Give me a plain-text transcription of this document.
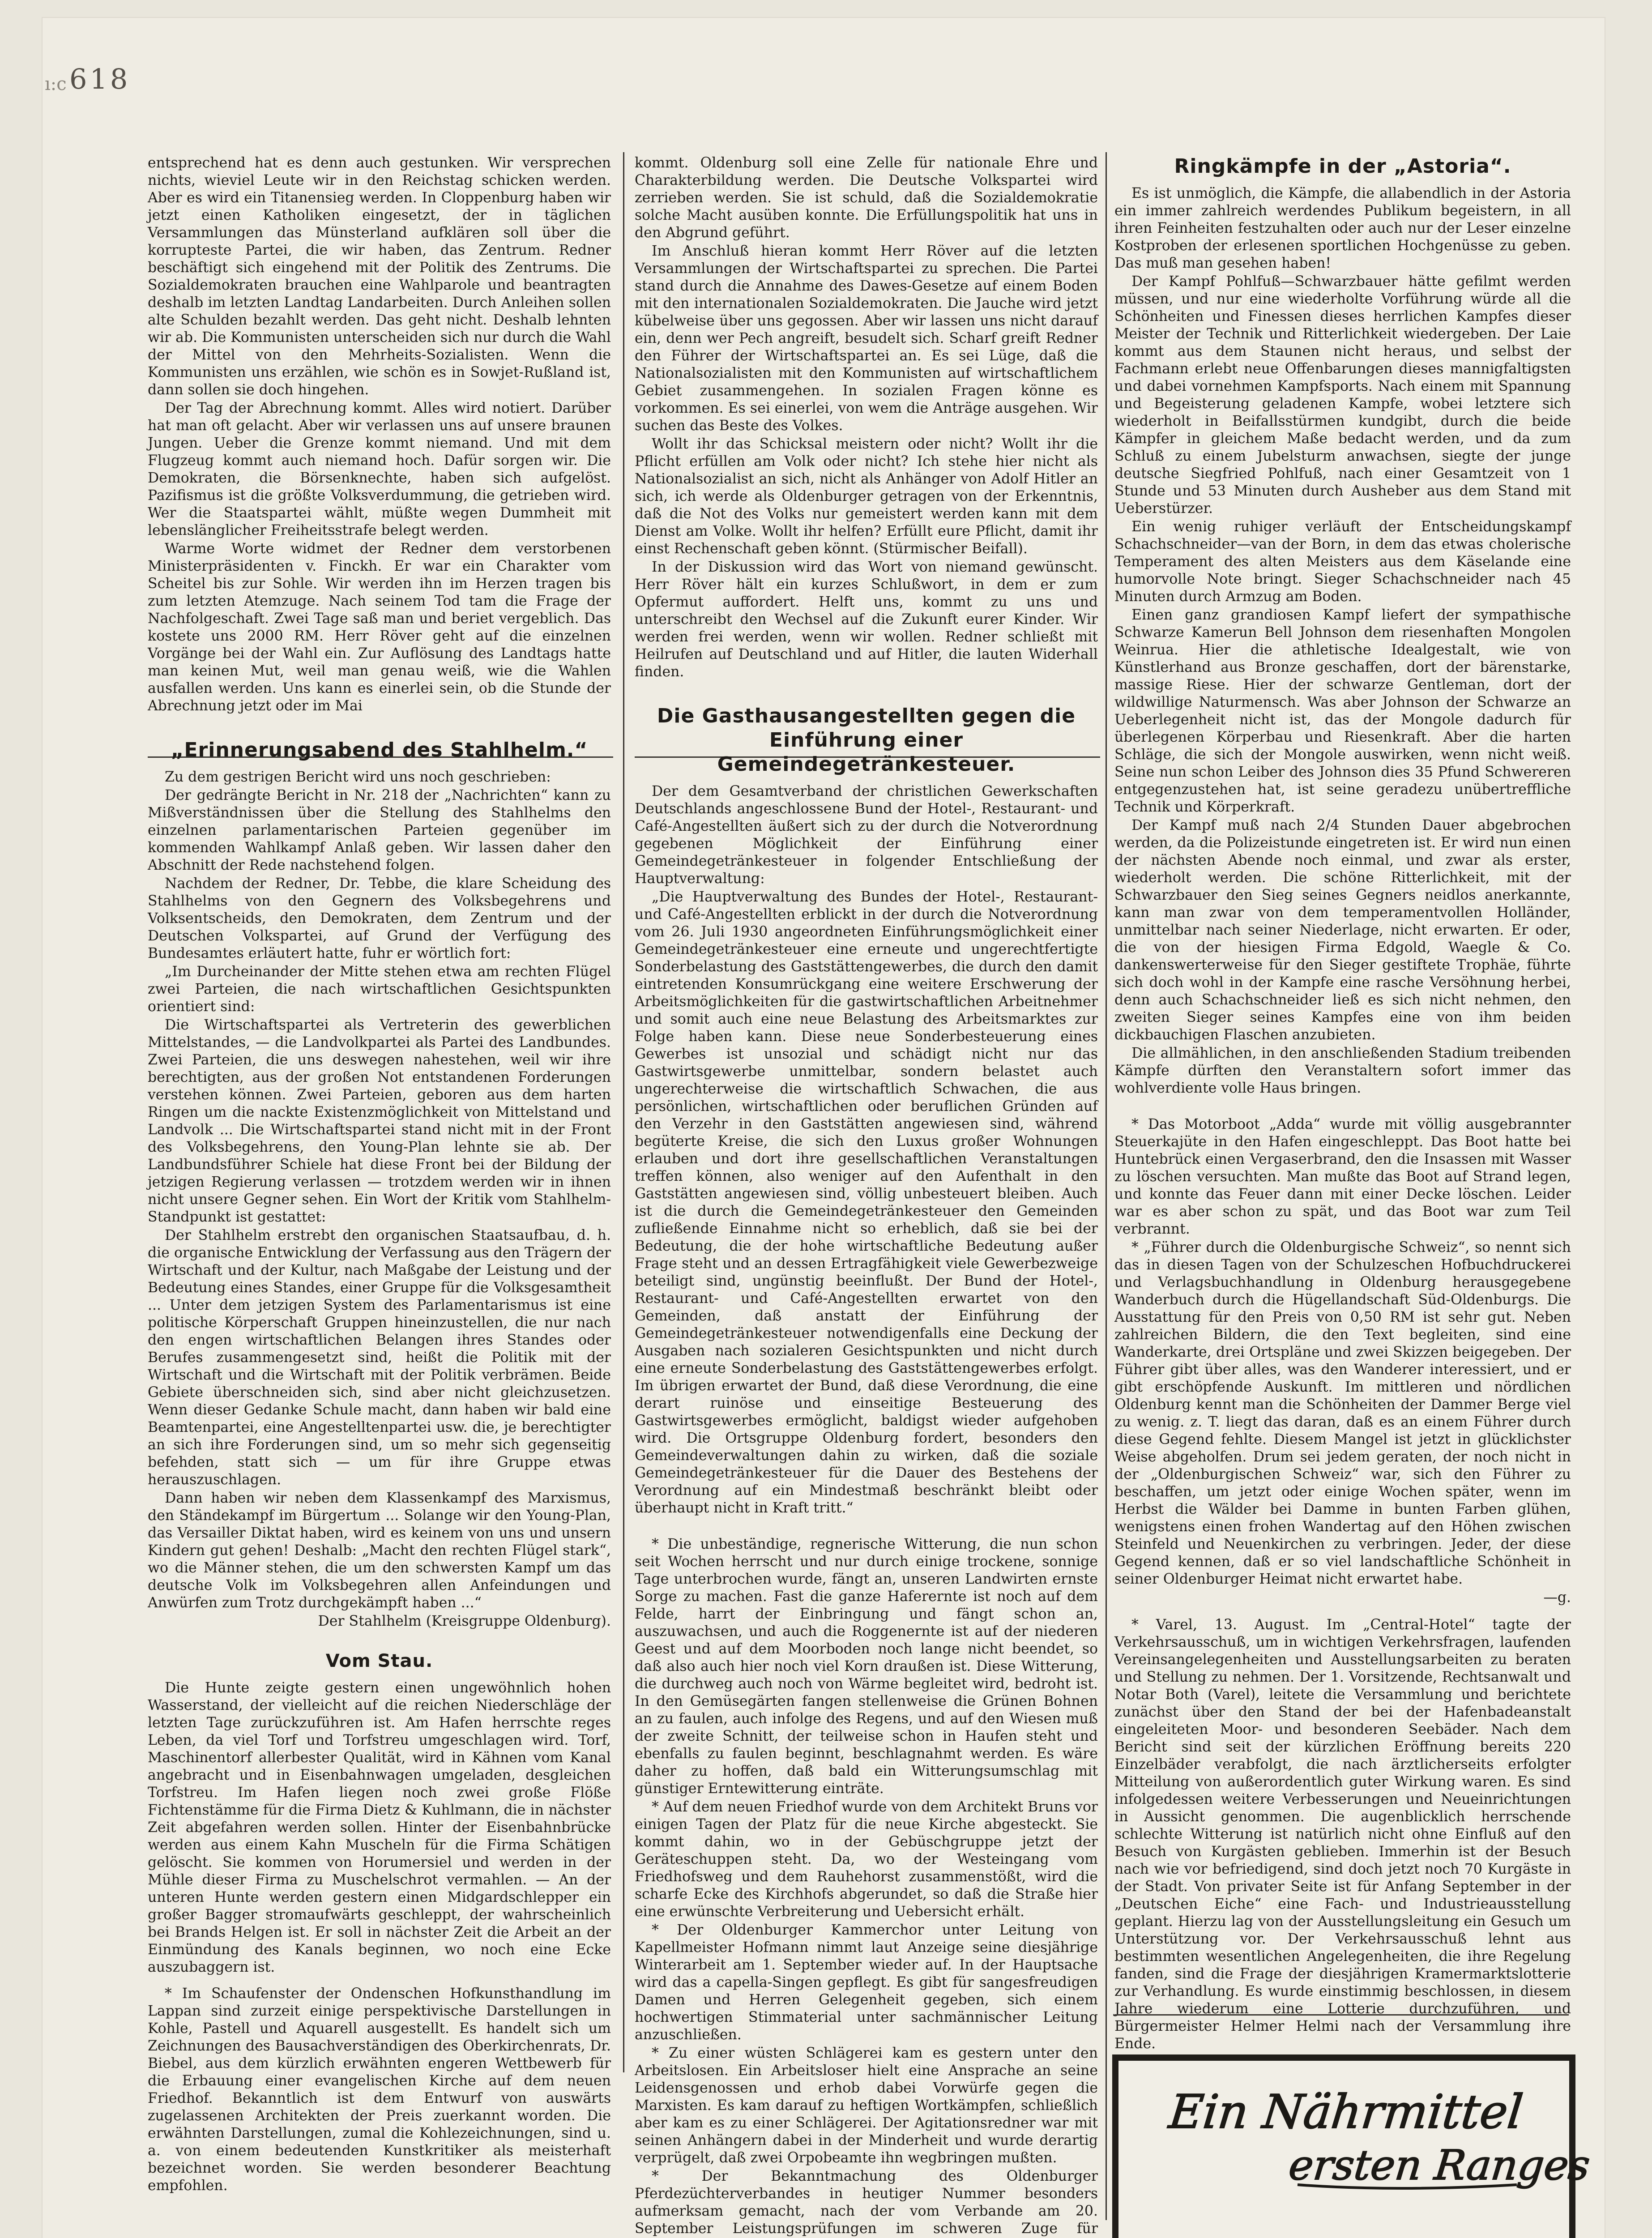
ı:c 618

entsprechend hat es denn auch gestunken. Wir versprechen nichts, wieviel Leute wir in den Reichstag schicken werden. Aber es wird ein Titanensieg werden. In Cloppenburg haben wir jetzt einen Katholiken eingesetzt, der in täglichen Versammlungen das Münsterland aufklären soll über die korrupteste Partei, die wir haben, das Zentrum. Redner beschäftigt sich eingehend mit der Politik des Zentrums. Die Sozialdemokraten brauchen eine Wahlparole und beantragten deshalb im letzten Landtag Landarbeiten. Durch Anleihen sollen alte Schulden bezahlt werden. Das geht nicht. Deshalb lehnten wir ab. Die Kommunisten unterscheiden sich nur durch die Wahl der Mittel von den Mehrheits-Sozialisten. Wenn die Kommunisten uns erzählen, wie schön es in Sowjet-Rußland ist, dann sollen sie doch hingehen.

Der Tag der Abrechnung kommt. Alles wird notiert. Darüber hat man oft gelacht. Aber wir verlassen uns auf unsere braunen Jungen. Ueber die Grenze kommt niemand. Und mit dem Flugzeug kommt auch niemand hoch. Dafür sorgen wir. Die Demokraten, die Börsenknechte, haben sich aufgelöst. Pazifismus ist die größte Volksverdummung, die getrieben wird. Wer die Staatspartei wählt, müßte wegen Dummheit mit lebenslänglicher Freiheitsstrafe belegt werden.

Warme Worte widmet der Redner dem verstorbenen Ministerpräsidenten v. Finckh. Er war ein Charakter vom Scheitel bis zur Sohle. Wir werden ihn im Herzen tragen bis zum letzten Atemzuge. Nach seinem Tod tam die Frage der Nachfolgeschaft. Zwei Tage saß man und beriet vergeblich. Das kostete uns 2000 RM. Herr Röver geht auf die einzelnen Vorgänge bei der Wahl ein. Zur Auflösung des Landtags hatte man keinen Mut, weil man genau weiß, wie die Wahlen ausfallen werden. Uns kann es einerlei sein, ob die Stunde der Abrechnung jetzt oder im Mai

„Erinnerungsabend des Stahlhelm.“

Zu dem gestrigen Bericht wird uns noch geschrieben:

Der gedrängte Bericht in Nr. 218 der „Nachrichten“ kann zu Mißverständnissen über die Stellung des Stahlhelms den einzelnen parlamentarischen Parteien gegenüber im kommenden Wahlkampf Anlaß geben. Wir lassen daher den Abschnitt der Rede nachstehend folgen.

Nachdem der Redner, Dr. Tebbe, die klare Scheidung des Stahlhelms von den Gegnern des Volksbegehrens und Volksentscheids, den Demokraten, dem Zentrum und der Deutschen Volkspartei, auf Grund der Verfügung des Bundesamtes erläutert hatte, fuhr er wörtlich fort:

„Im Durcheinander der Mitte stehen etwa am rechten Flügel zwei Parteien, die nach wirtschaftlichen Gesichtspunkten orientiert sind:

Die Wirtschaftspartei als Vertreterin des gewerblichen Mittelstandes, — die Landvolkpartei als Partei des Landbundes. Zwei Parteien, die uns deswegen nahestehen, weil wir ihre berechtigten, aus der großen Not entstandenen Forderungen verstehen können. Zwei Parteien, geboren aus dem harten Ringen um die nackte Existenzmöglichkeit von Mittelstand und Landvolk ... Die Wirtschaftspartei stand nicht mit in der Front des Volksbegehrens, den Young-Plan lehnte sie ab. Der Landbundsführer Schiele hat diese Front bei der Bildung der jetzigen Regierung verlassen — trotzdem werden wir in ihnen nicht unsere Gegner sehen. Ein Wort der Kritik vom Stahlhelm-Standpunkt ist gestattet:

Der Stahlhelm erstrebt den organischen Staatsaufbau, d. h. die organische Entwicklung der Verfassung aus den Trägern der Wirtschaft und der Kultur, nach Maßgabe der Leistung und der Bedeutung eines Standes, einer Gruppe für die Volksgesamtheit ... Unter dem jetzigen System des Parlamentarismus ist eine politische Körperschaft Gruppen hineinzustellen, die nur nach den engen wirtschaftlichen Belangen ihres Standes oder Berufes zusammengesetzt sind, heißt die Politik mit der Wirtschaft und die Wirtschaft mit der Politik verbrämen. Beide Gebiete überschneiden sich, sind aber nicht gleichzusetzen. Wenn dieser Gedanke Schule macht, dann haben wir bald eine Beamtenpartei, eine Angestelltenpartei usw. die, je berechtigter an sich ihre Forderungen sind, um so mehr sich gegenseitig befehden, statt sich — um für ihre Gruppe etwas herauszuschlagen.

Dann haben wir neben dem Klassenkampf des Marxismus, den Ständekampf im Bürgertum ... Solange wir den Young-Plan, das Versailler Diktat haben, wird es keinem von uns und unsern Kindern gut gehen! Deshalb: „Macht den rechten Flügel stark“, wo die Männer stehen, die um den schwersten Kampf um das deutsche Volk im Volksbegehren allen Anfeindungen und Anwürfen zum Trotz durchgekämpft haben ...“

Der Stahlhelm (Kreisgruppe Oldenburg).

Vom Stau.

Die Hunte zeigte gestern einen ungewöhnlich hohen Wasserstand, der vielleicht auf die reichen Niederschläge der letzten Tage zurückzuführen ist. Am Hafen herrschte reges Leben, da viel Torf und Torfstreu umgeschlagen wird. Torf, Maschinentorf allerbester Qualität, wird in Kähnen vom Kanal angebracht und in Eisenbahnwagen umgeladen, desgleichen Torfstreu. Im Hafen liegen noch zwei große Flöße Fichtenstämme für die Firma Dietz & Kuhlmann, die in nächster Zeit abgefahren werden sollen. Hinter der Eisenbahnbrücke werden aus einem Kahn Muscheln für die Firma Schätigen gelöscht. Sie kommen von Horumersiel und werden in der Mühle dieser Firma zu Muschelschrot vermahlen. — An der unteren Hunte werden gestern einen Midgardschlepper ein großer Bagger stromaufwärts geschleppt, der wahrscheinlich bei Brands Helgen ist. Er soll in nächster Zeit die Arbeit an der Einmündung des Kanals beginnen, wo noch eine Ecke auszubaggern ist.

* Im Schaufenster der Ondenschen Hofkunsthandlung im Lappan sind zurzeit einige perspektivische Darstellungen in Kohle, Pastell und Aquarell ausgestellt. Es handelt sich um Zeichnungen des Bausachverständigen des Oberkirchenrats, Dr. Biebel, aus dem kürzlich erwähnten engeren Wettbewerb für die Erbauung einer evangelischen Kirche auf dem neuen Friedhof. Bekanntlich ist dem Entwurf von auswärts zugelassenen Architekten der Preis zuerkannt worden. Die erwähnten Darstellungen, zumal die Kohlezeichnungen, sind u. a. von einem bedeutenden Kunstkritiker als meisterhaft bezeichnet worden. Sie werden besonderer Beachtung empfohlen.

kommt. Oldenburg soll eine Zelle für nationale Ehre und Charakterbildung werden. Die Deutsche Volkspartei wird zerrieben werden. Sie ist schuld, daß die Sozialdemokratie solche Macht ausüben konnte. Die Erfüllungspolitik hat uns in den Abgrund geführt.

Im Anschluß hieran kommt Herr Röver auf die letzten Versammlungen der Wirtschaftspartei zu sprechen. Die Partei stand durch die Annahme des Dawes-Gesetze auf einem Boden mit den internationalen Sozialdemokraten. Die Jauche wird jetzt kübelweise über uns gegossen. Aber wir lassen uns nicht darauf ein, denn wer Pech angreift, besudelt sich. Scharf greift Redner den Führer der Wirtschaftspartei an. Es sei Lüge, daß die Nationalsozialisten mit den Kommunisten auf wirtschaftlichem Gebiet zusammengehen. In sozialen Fragen könne es vorkommen. Es sei einerlei, von wem die Anträge ausgehen. Wir suchen das Beste des Volkes.

Wollt ihr das Schicksal meistern oder nicht? Wollt ihr die Pflicht erfüllen am Volk oder nicht? Ich stehe hier nicht als Nationalsozialist an sich, nicht als Anhänger von Adolf Hitler an sich, ich werde als Oldenburger getragen von der Erkenntnis, daß die Not des Volks nur gemeistert werden kann mit dem Dienst am Volke. Wollt ihr helfen? Erfüllt eure Pflicht, damit ihr einst Rechenschaft geben könnt. (Stürmischer Beifall).

In der Diskussion wird das Wort von niemand gewünscht. Herr Röver hält ein kurzes Schlußwort, in dem er zum Opfermut auffordert. Helft uns, kommt zu uns und unterschreibt den Wechsel auf die Zukunft eurer Kinder. Wir werden frei werden, wenn wir wollen. Redner schließt mit Heilrufen auf Deutschland und auf Hitler, die lauten Widerhall finden.

Die Gasthausangestellten gegen die Einführung einer Gemeindegetränkesteuer.

Der dem Gesamtverband der christlichen Gewerkschaften Deutschlands angeschlossene Bund der Hotel-, Restaurant- und Café-Angestellten äußert sich zu der durch die Notverordnung gegebenen Möglichkeit der Einführung einer Gemeindegetränkesteuer in folgender Entschließung der Hauptverwaltung:

„Die Hauptverwaltung des Bundes der Hotel-, Restaurant- und Café-Angestellten erblickt in der durch die Notverordnung vom 26. Juli 1930 angeordneten Einführungsmöglichkeit einer Gemeindegetränkesteuer eine erneute und ungerechtfertigte Sonderbelastung des Gaststättengewerbes, die durch den damit eintretenden Konsumrückgang eine weitere Erschwerung der Arbeitsmöglichkeiten für die gastwirtschaftlichen Arbeitnehmer und somit auch eine neue Belastung des Arbeitsmarktes zur Folge haben kann. Diese neue Sonderbesteuerung eines Gewerbes ist unsozial und schädigt nicht nur das Gastwirtsgewerbe unmittelbar, sondern belastet auch ungerechterweise die wirtschaftlich Schwachen, die aus persönlichen, wirtschaftlichen oder beruflichen Gründen auf den Verzehr in den Gaststätten angewiesen sind, während begüterte Kreise, die sich den Luxus großer Wohnungen erlauben und dort ihre gesellschaftlichen Veranstaltungen treffen können, also weniger auf den Aufenthalt in den Gaststätten angewiesen sind, völlig unbesteuert bleiben. Auch ist die durch die Gemeindegetränkesteuer den Gemeinden zufließende Einnahme nicht so erheblich, daß sie bei der Bedeutung, die der hohe wirtschaftliche Bedeutung außer Frage steht und an dessen Ertragfähigkeit viele Gewerbezweige beteiligt sind, ungünstig beeinflußt. Der Bund der Hotel-, Restaurant- und Café-Angestellten erwartet von den Gemeinden, daß anstatt der Einführung der Gemeindegetränkesteuer notwendigenfalls eine Deckung der Ausgaben nach sozialeren Gesichtspunkten und nicht durch eine erneute Sonderbelastung des Gaststättengewerbes erfolgt. Im übrigen erwartet der Bund, daß diese Verordnung, die eine derart ruinöse und einseitige Besteuerung des Gastwirtsgewerbes ermöglicht, baldigst wieder aufgehoben wird. Die Ortsgruppe Oldenburg fordert, besonders den Gemeindeverwaltungen dahin zu wirken, daß die soziale Gemeindegetränkesteuer für die Dauer des Bestehens der Verordnung auf ein Mindestmaß beschränkt bleibt oder überhaupt nicht in Kraft tritt.“

* Die unbeständige, regnerische Witterung, die nun schon seit Wochen herrscht und nur durch einige trockene, sonnige Tage unterbrochen wurde, fängt an, unseren Landwirten ernste Sorge zu machen. Fast die ganze Haferernte ist noch auf dem Felde, harrt der Einbringung und fängt schon an, auszuwachsen, und auch die Roggenernte ist auf der niederen Geest und auf dem Moorboden noch lange nicht beendet, so daß also auch hier noch viel Korn draußen ist. Diese Witterung, die durchweg auch noch von Wärme begleitet wird, bedroht ist. In den Gemüsegärten fangen stellenweise die Grünen Bohnen an zu faulen, auch infolge des Regens, und auf den Wiesen muß der zweite Schnitt, der teilweise schon in Haufen steht und ebenfalls zu faulen beginnt, beschlagnahmt werden. Es wäre daher zu hoffen, daß bald ein Witterungsumschlag mit günstiger Erntewitterung einträte.

* Auf dem neuen Friedhof wurde von dem Architekt Bruns vor einigen Tagen der Platz für die neue Kirche abgesteckt. Sie kommt dahin, wo in der Gebüschgruppe jetzt der Geräteschuppen steht. Da, wo der Westeingang vom Friedhofsweg und dem Rauhehorst zusammenstößt, wird die scharfe Ecke des Kirchhofs abgerundet, so daß die Straße hier eine erwünschte Verbreiterung und Uebersicht erhält.

* Der Oldenburger Kammerchor unter Leitung von Kapellmeister Hofmann nimmt laut Anzeige seine diesjährige Winterarbeit am 1. September wieder auf. In der Hauptsache wird das a capella-Singen gepflegt. Es gibt für sangesfreudigen Damen und Herren Gelegenheit gegeben, sich einem hochwertigen Stimmaterial unter sachmännischer Leitung anzuschließen.

* Zu einer wüsten Schlägerei kam es gestern unter den Arbeitslosen. Ein Arbeitsloser hielt eine Ansprache an seine Leidensgenossen und erhob dabei Vorwürfe gegen die Marxisten. Es kam darauf zu heftigen Wortkämpfen, schließlich aber kam es zu einer Schlägerei. Der Agitationsredner war mit seinen Anhängern dabei in der Minderheit und wurde derartig verprügelt, daß zwei Orpobeamte ihn wegbringen mußten.

* Der Bekanntmachung des Oldenburger Pferdezüchterverbandes in heutiger Nummer besonders aufmerksam gemacht, nach der vom Verbande am 20. September Leistungsprüfungen im schweren Zuge für

Ringkämpfe in der „Astoria“.

Es ist unmöglich, die Kämpfe, die allabendlich in der Astoria ein immer zahlreich werdendes Publikum begeistern, in all ihren Feinheiten festzuhalten oder auch nur der Leser einzelne Kostproben der erlesenen sportlichen Hochgenüsse zu geben. Das muß man gesehen haben!

Der Kampf Pohlfuß—Schwarzbauer hätte gefilmt werden müssen, und nur eine wiederholte Vorführung würde all die Schönheiten und Finessen dieses herrlichen Kampfes dieser Meister der Technik und Ritterlichkeit wiedergeben. Der Laie kommt aus dem Staunen nicht heraus, und selbst der Fachmann erlebt neue Offenbarungen dieses mannigfaltigsten und dabei vornehmen Kampfsports. Nach einem mit Spannung und Begeisterung geladenen Kampfe, wobei letztere sich wiederholt in Beifallsstürmen kundgibt, durch die beide Kämpfer in gleichem Maße bedacht werden, und da zum Schluß zu einem Jubelsturm anwachsen, siegte der junge deutsche Siegfried Pohlfuß, nach einer Gesamtzeit von 1 Stunde und 53 Minuten durch Ausheber aus dem Stand mit Ueberstürzer.

Ein wenig ruhiger verläuft der Entscheidungskampf Schachschneider—van der Born, in dem das etwas cholerische Temperament des alten Meisters aus dem Käselande eine humorvolle Note bringt. Sieger Schachschneider nach 45 Minuten durch Armzug am Boden.

Einen ganz grandiosen Kampf liefert der sympathische Schwarze Kamerun Bell Johnson dem riesenhaften Mongolen Weinrua. Hier die athletische Idealgestalt, wie von Künstlerhand aus Bronze geschaffen, dort der bärenstarke, massige Riese. Hier der schwarze Gentleman, dort der wildwillige Naturmensch. Was aber Johnson der Schwarze an Ueberlegenheit nicht ist, das der Mongole dadurch für überlegenen Körperbau und Riesenkraft. Aber die harten Schläge, die sich der Mongole auswirken, wenn nicht weiß. Seine nun schon Leiber des Johnson dies 35 Pfund Schwereren entgegenzustehen hat, ist seine geradezu unübertreffliche Technik und Körperkraft.

Der Kampf muß nach 2/4 Stunden Dauer abgebrochen werden, da die Polizeistunde eingetreten ist. Er wird nun einen der nächsten Abende noch einmal, und zwar als erster, wiederholt werden. Die schöne Ritterlichkeit, mit der Schwarzbauer den Sieg seines Gegners neidlos anerkannte, kann man zwar von dem temperamentvollen Holländer, unmittelbar nach seiner Niederlage, nicht erwarten. Er oder, die von der hiesigen Firma Edgold, Waegle & Co. dankenswerterweise für den Sieger gestiftete Trophäe, führte sich doch wohl in der Kampfe eine rasche Versöhnung herbei, denn auch Schachschneider ließ es sich nicht nehmen, den zweiten Sieger seines Kampfes eine von ihm beiden dickbauchigen Flaschen anzubieten.

Die allmählichen, in den anschließenden Stadium treibenden Kämpfe dürften den Veranstaltern sofort immer das wohlverdiente volle Haus bringen.

* Das Motorboot „Adda“ wurde mit völlig ausgebrannter Steuerkajüte in den Hafen eingeschleppt. Das Boot hatte bei Huntebrück einen Vergaserbrand, den die Insassen mit Wasser zu löschen versuchten. Man mußte das Boot auf Strand legen, und konnte das Feuer dann mit einer Decke löschen. Leider war es aber schon zu spät, und das Boot war zum Teil verbrannt.

* „Führer durch die Oldenburgische Schweiz“, so nennt sich das in diesen Tagen von der Schulzeschen Hofbuchdruckerei und Verlagsbuchhandlung in Oldenburg herausgegebene Wanderbuch durch die Hügellandschaft Süd-Oldenburgs. Die Ausstattung für den Preis von 0,50 RM ist sehr gut. Neben zahlreichen Bildern, die den Text begleiten, sind eine Wanderkarte, drei Ortspläne und zwei Skizzen beigegeben. Der Führer gibt über alles, was den Wanderer interessiert, und er gibt erschöpfende Auskunft. Im mittleren und nördlichen Oldenburg kennt man die Schönheiten der Dammer Berge viel zu wenig. z. T. liegt das daran, daß es an einem Führer durch diese Gegend fehlte. Diesem Mangel ist jetzt in glücklichster Weise abgeholfen. Drum sei jedem geraten, der noch nicht in der „Oldenburgischen Schweiz“ war, sich den Führer zu beschaffen, um jetzt oder einige Wochen später, wenn im Herbst die Wälder bei Damme in bunten Farben glühen, wenigstens einen frohen Wandertag auf den Höhen zwischen Steinfeld und Neuenkirchen zu verbringen. Jeder, der diese Gegend kennen, daß er so viel landschaftliche Schönheit in seiner Oldenburger Heimat nicht erwartet habe.

—g.

* Varel, 13. August. Im „Central-Hotel“ tagte der Verkehrsausschuß, um in wichtigen Verkehrsfragen, laufenden Vereinsangelegenheiten und Ausstellungsarbeiten zu beraten und Stellung zu nehmen. Der 1. Vorsitzende, Rechtsanwalt und Notar Both (Varel), leitete die Versammlung und berichtete zunächst über den Stand der bei der Hafenbadeanstalt eingeleiteten Moor- und besonderen Seebäder. Nach dem Bericht sind seit der kürzlichen Eröffnung bereits 220 Einzelbäder verabfolgt, die nach ärztlicherseits erfolgter Mitteilung von außerordentlich guter Wirkung waren. Es sind infolgedessen weitere Verbesserungen und Neueinrichtungen in Aussicht genommen. Die augenblicklich herrschende schlechte Witterung ist natürlich nicht ohne Einfluß auf den Besuch von Kurgästen geblieben. Immerhin ist der Besuch nach wie vor befriedigend, sind doch jetzt noch 70 Kurgäste in der Stadt. Von privater Seite ist für Anfang September in der „Deutschen Eiche“ eine Fach- und Industrieausstellung geplant. Hierzu lag von der Ausstellungsleitung ein Gesuch um Unterstützung vor. Der Verkehrsausschuß lehnt aus bestimmten wesentlichen Angelegenheiten, die ihre Regelung fanden, sind die Frage der diesjährigen Kramermarktslotterie zur Verhandlung. Es wurde einstimmig beschlossen, in diesem Jahre wiederum eine Lotterie durchzuführen, und Bürgermeister Helmer Helmi nach der Versammlung ihre Ende.

Ein Nährmittel
ersten Ranges
